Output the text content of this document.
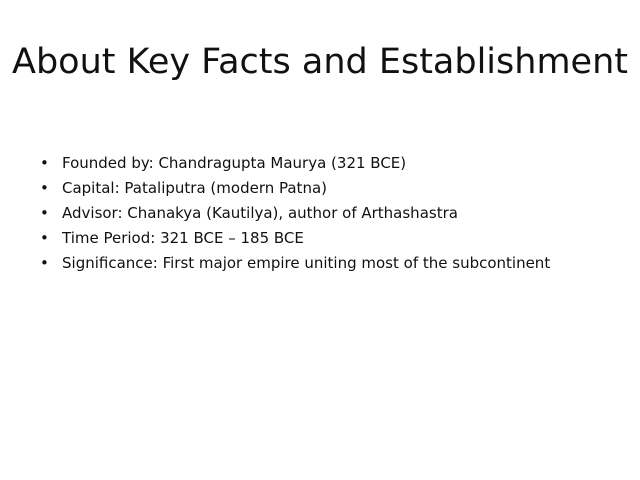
About Key Facts and Establishment
• Founded by: Chandragupta Maurya (321 BCE)
• Capital: Pataliputra (modern Patna)
• Advisor: Chanakya (Kautilya), author of Arthashastra
• Time Period: 321 BCE – 185 BCE
• Significance: First major empire uniting most of the subcontinent
